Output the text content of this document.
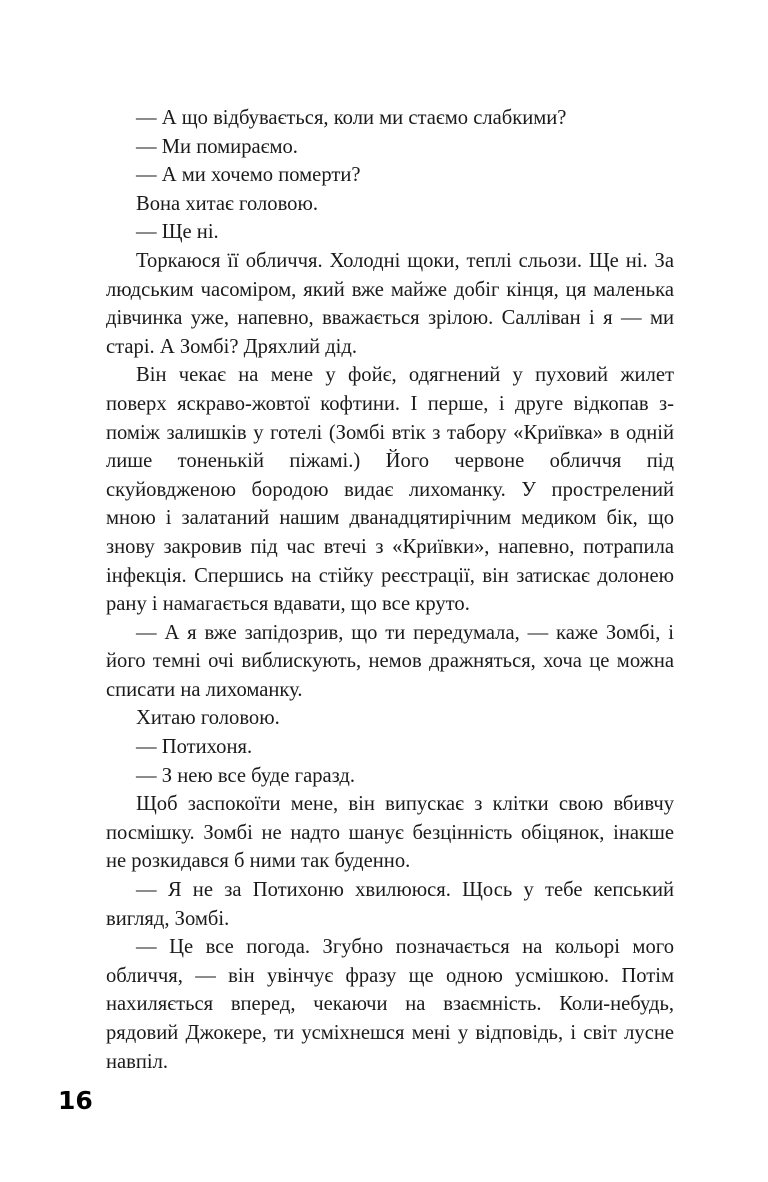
— А що відбувається, коли ми стаємо слабкими?

— Ми помираємо.

— А ми хочемо померти?

Вона хитає головою.

— Ще ні.

Торкаюся її обличчя. Холодні щоки, теплі сльози. Ще ні. За людським часоміром, який вже майже добіг кінця, ця маленька дівчинка уже, напевно, вважається зрілою. Салліван і я — ми старі. А Зомбі? Дряхлий дід.

Він чекає на мене у фойє, одягнений у пуховий жилет поверх яскраво-жовтої кофтини. І перше, і друге відкопав з-поміж залишків у готелі (Зомбі втік з табору «Криївка» в одній лише тоненькій піжамі.) Його червоне обличчя під скуйовдженою бородою видає лихоманку. У прострелений мною і залатаний нашим дванадцятирічним медиком бік, що знову закровив під час втечі з «Криївки», напевно, потрапила інфекція. Спершись на стійку реєстрації, він затискає долонею рану і намагається вдавати, що все круто.

— А я вже запідозрив, що ти передумала, — каже Зомбі, і його темні очі виблискують, немов дражняться, хоча це можна списати на лихоманку.

Хитаю головою.

— Потихоня.

— З нею все буде гаразд.

Щоб заспокоїти мене, він випускає з клітки свою вбивчу посмішку. Зомбі не надто шанує безцінність обіцянок, інакше не розкидався б ними так буденно.

— Я не за Потихоню хвилююся. Щось у тебе кепський вигляд, Зомбі.

— Це все погода. Згубно позначається на кольорі мого обличчя, — він увінчує фразу ще одною усмішкою. Потім нахиляється вперед, чекаючи на взаємність. Коли-небудь, рядовий Джокере, ти усміхнешся мені у відповідь, і світ лусне навпіл.

16
